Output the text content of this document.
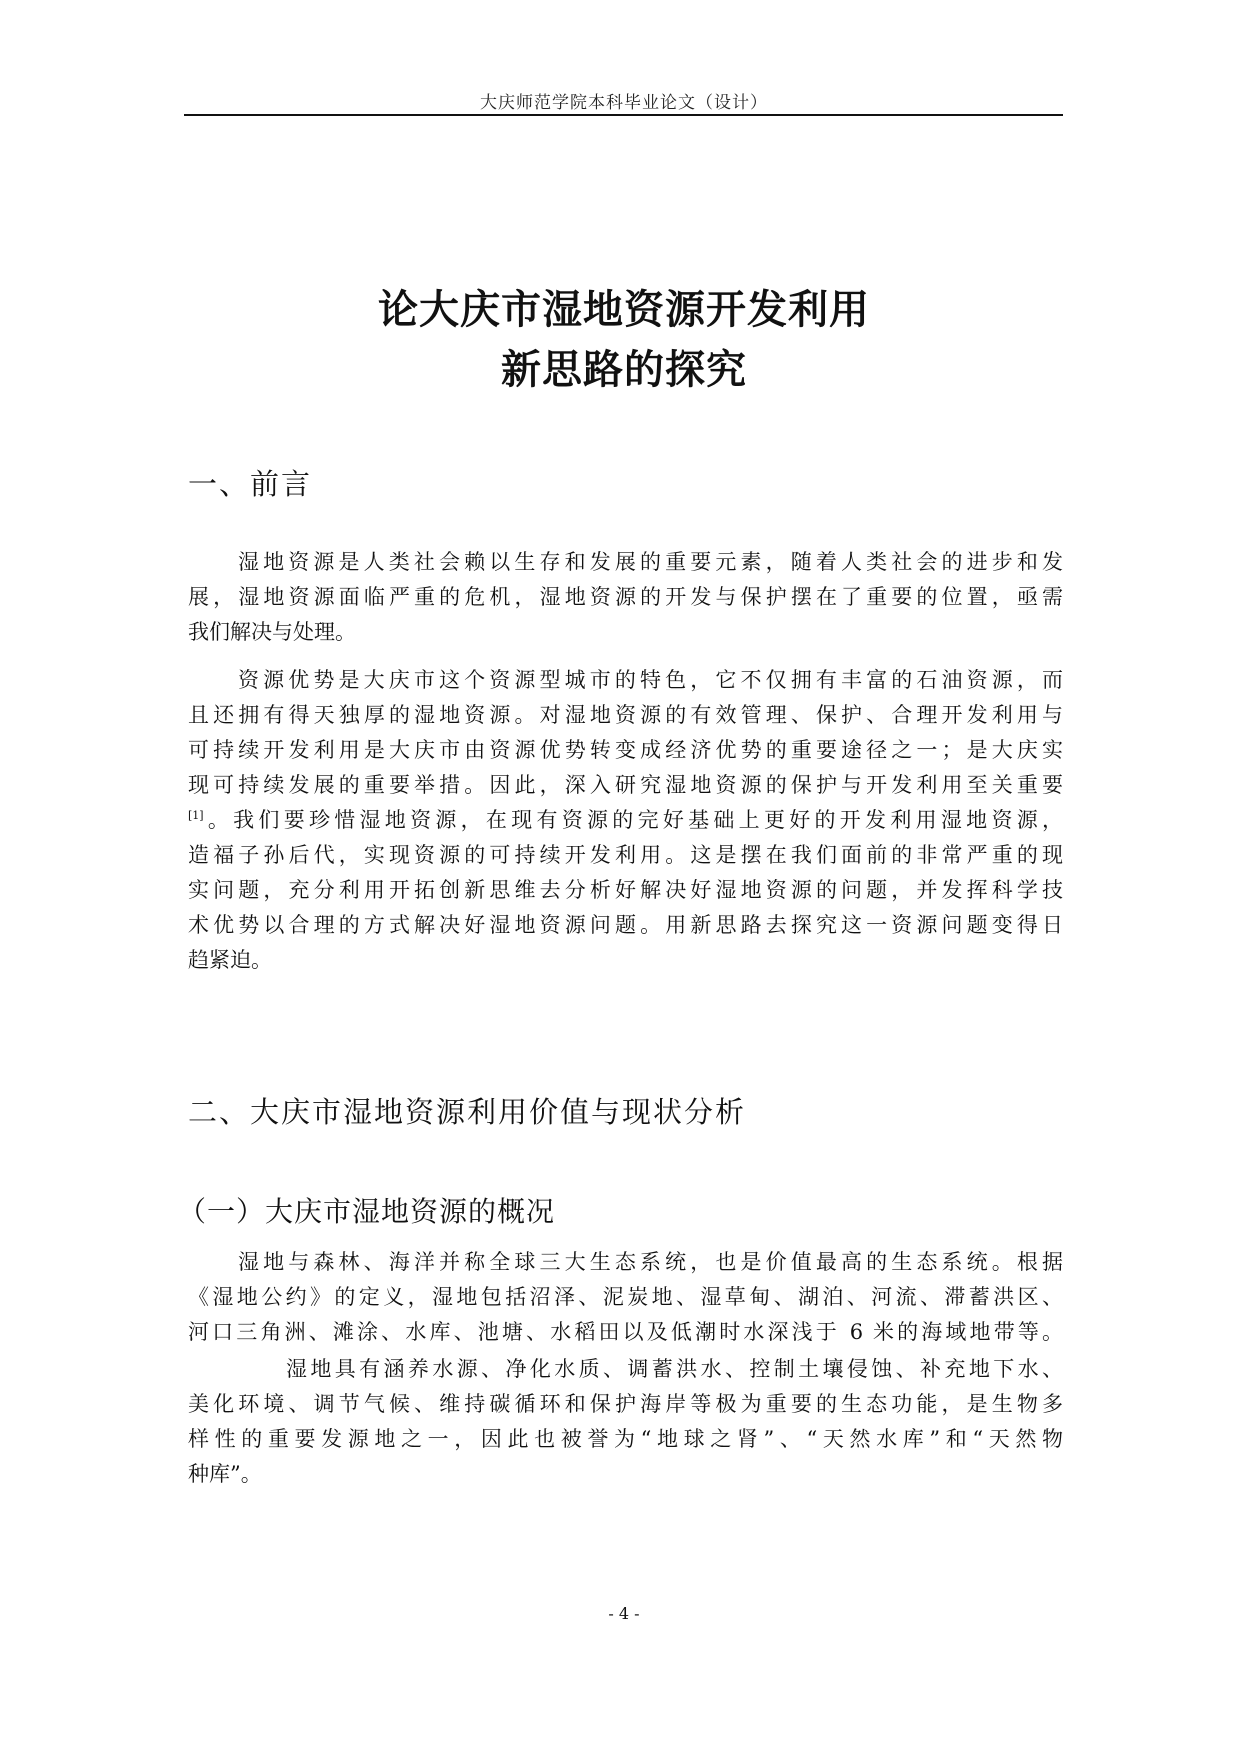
大庆师范学院本科毕业论文（设计）
论大庆市湿地资源开发利用
新思路的探究
一、前言
湿地资源是人类社会赖以生存和发展的重要元素，随着人类社会的进步和发
展，湿地资源面临严重的危机，湿地资源的开发与保护摆在了重要的位置，亟需
我们解决与处理。
资源优势是大庆市这个资源型城市的特色，它不仅拥有丰富的石油资源，而
且还拥有得天独厚的湿地资源。对湿地资源的有效管理、保护、合理开发利用与
可持续开发利用是大庆市由资源优势转变成经济优势的重要途径之一；是大庆实
现可持续发展的重要举措。因此，深入研究湿地资源的保护与开发利用至关重要
[1]。我们要珍惜湿地资源，在现有资源的完好基础上更好的开发利用湿地资源，
造福子孙后代，实现资源的可持续开发利用。这是摆在我们面前的非常严重的现
实问题，充分利用开拓创新思维去分析好解决好湿地资源的问题，并发挥科学技
术优势以合理的方式解决好湿地资源问题。用新思路去探究这一资源问题变得日
趋紧迫。
二、大庆市湿地资源利用价值与现状分析
（一）大庆市湿地资源的概况
湿地与森林、海洋并称全球三大生态系统，也是价值最高的生态系统。根据
《湿地公约》的定义，湿地包括沼泽、泥炭地、湿草甸、湖泊、河流、滞蓄洪区、
河口三角洲、滩涂、水库、池塘、水稻田以及低潮时水深浅于 6 米的海域地带等。
湿地具有涵养水源、净化水质、调蓄洪水、控制土壤侵蚀、补充地下水、
美化环境、调节气候、维持碳循环和保护海岸等极为重要的生态功能，是生物多
样性的重要发源地之一，因此也被誉为“地球之肾”、“天然水库”和“天然物
种库”。
- 4 -
